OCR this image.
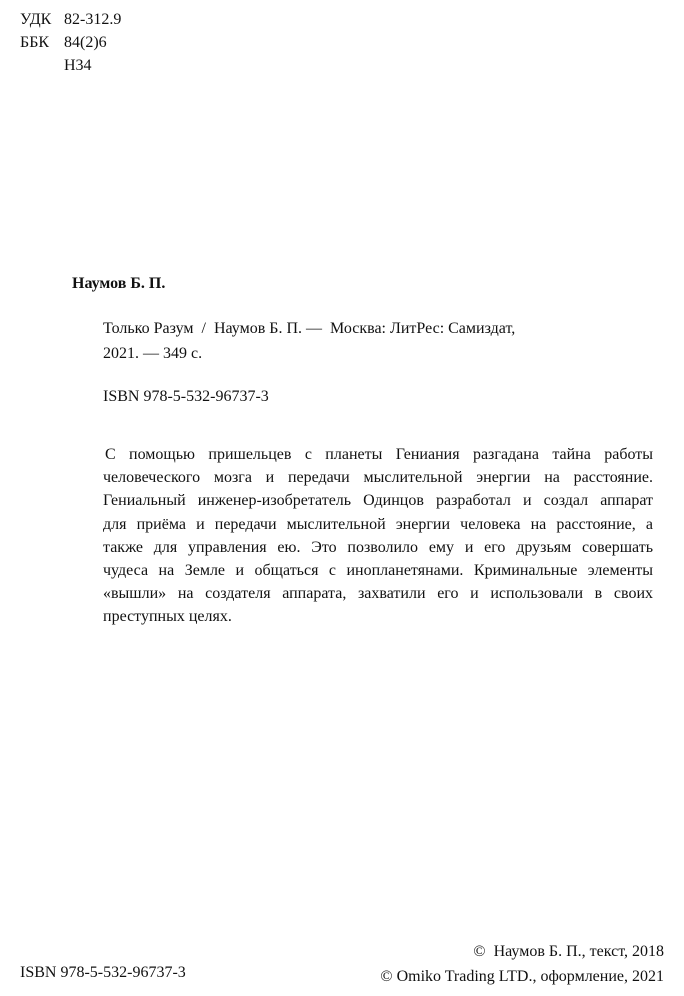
УДК 82-312.9
ББК 84(2)6
Н34
Наумов Б. П.
Только Разум  /  Наумов Б. П. —  Москва: ЛитРес: Самиздат,
2021. — 349 с.
ISBN 978-5-532-96737-3
С помощью пришельцев с планеты Гениания разгадана тайна работы
человеческого мозга и передачи мыслительной энергии на расстояние.
Гениальный инженер-изобретатель Одинцов разработал и создал аппарат
для приёма и передачи мыслительной энергии человека на расстояние, а
также для управления ею. Это позволило ему и его друзьям совершать
чудеса на Земле и общаться с инопланетянами. Криминальные элементы
«вышли» на создателя аппарата, захватили его и использовали в своих
преступных целях.
ISBN 978-5-532-96737-3
©  Наумов Б. П., текст, 2018
© Omiko Trading LTD., оформление, 2021
